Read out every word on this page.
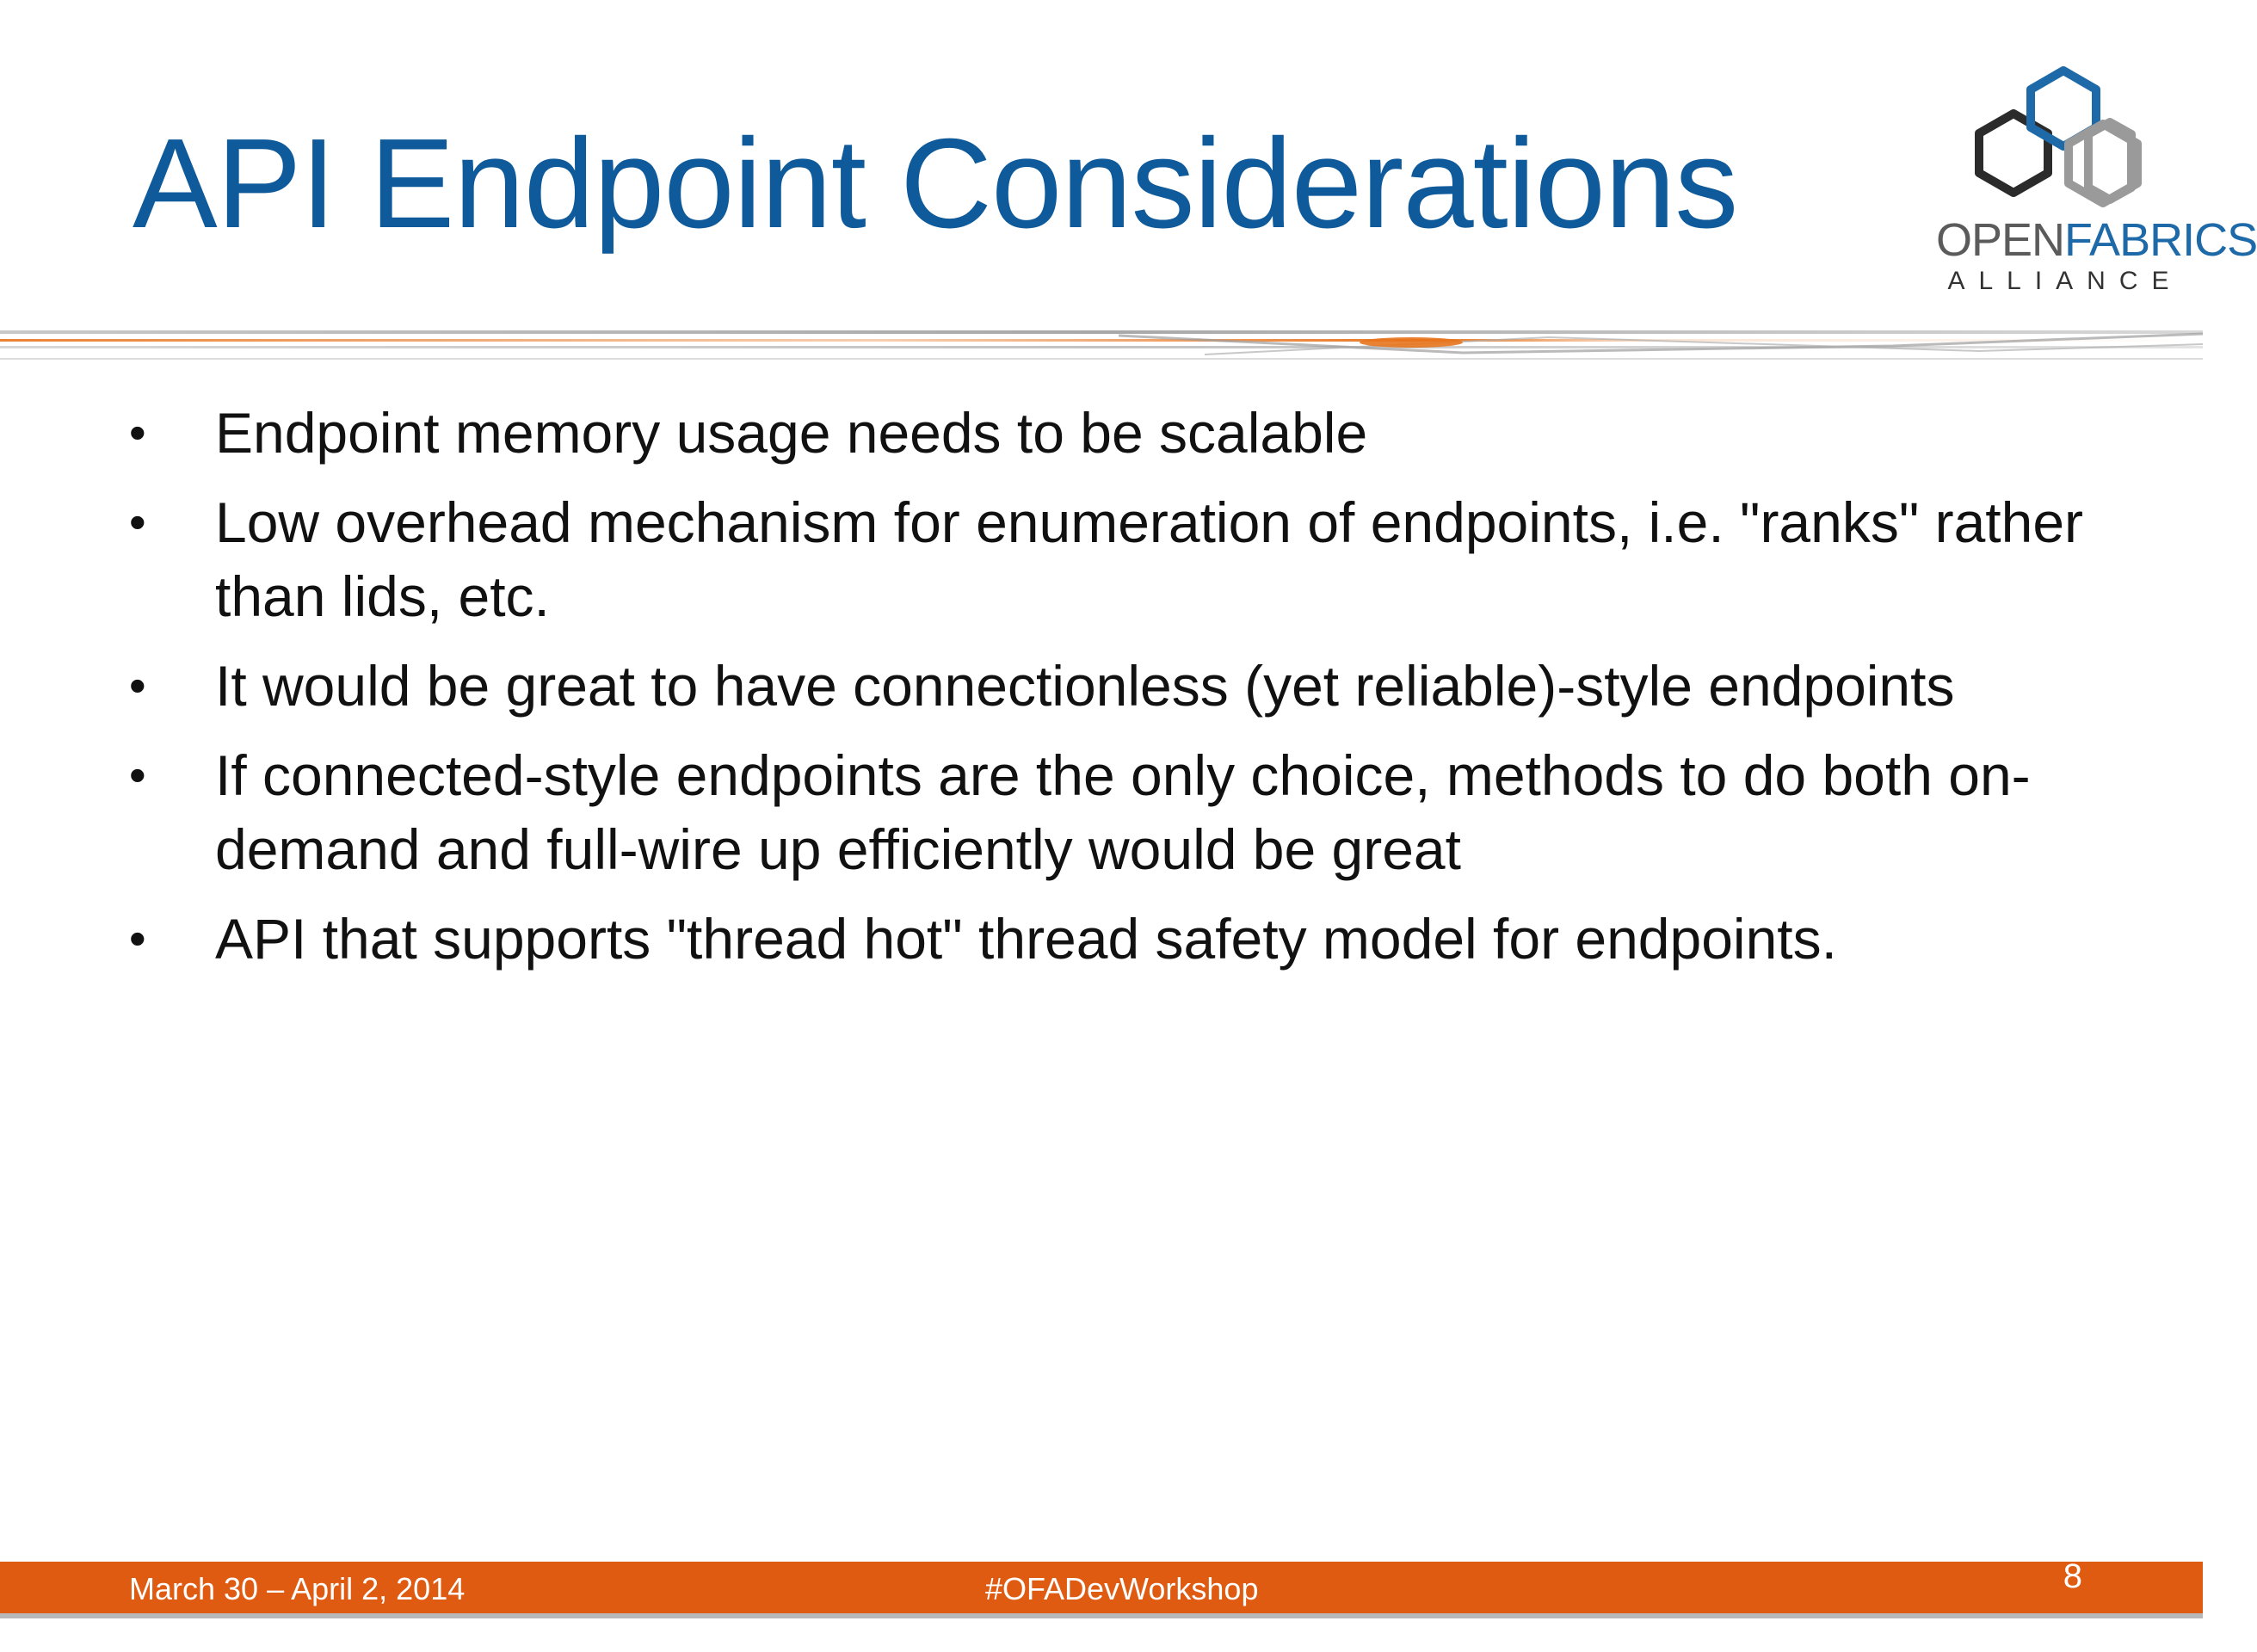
API Endpoint Considerations	OPENFABRICS
ALLIANCE
• Endpoint memory usage needs to be scalable
• Low overhead mechanism for enumeration of endpoints, i.e. "ranks" rather than lids, etc.
• It would be great to have connectionless (yet reliable)-style endpoints
• If connected-style endpoints are the only choice, methods to do both on-demand and full-wire up efficiently would be great
• API that supports "thread hot" thread safety model for endpoints.
March 30 – April 2, 2014	#OFADevWorkshop	8
